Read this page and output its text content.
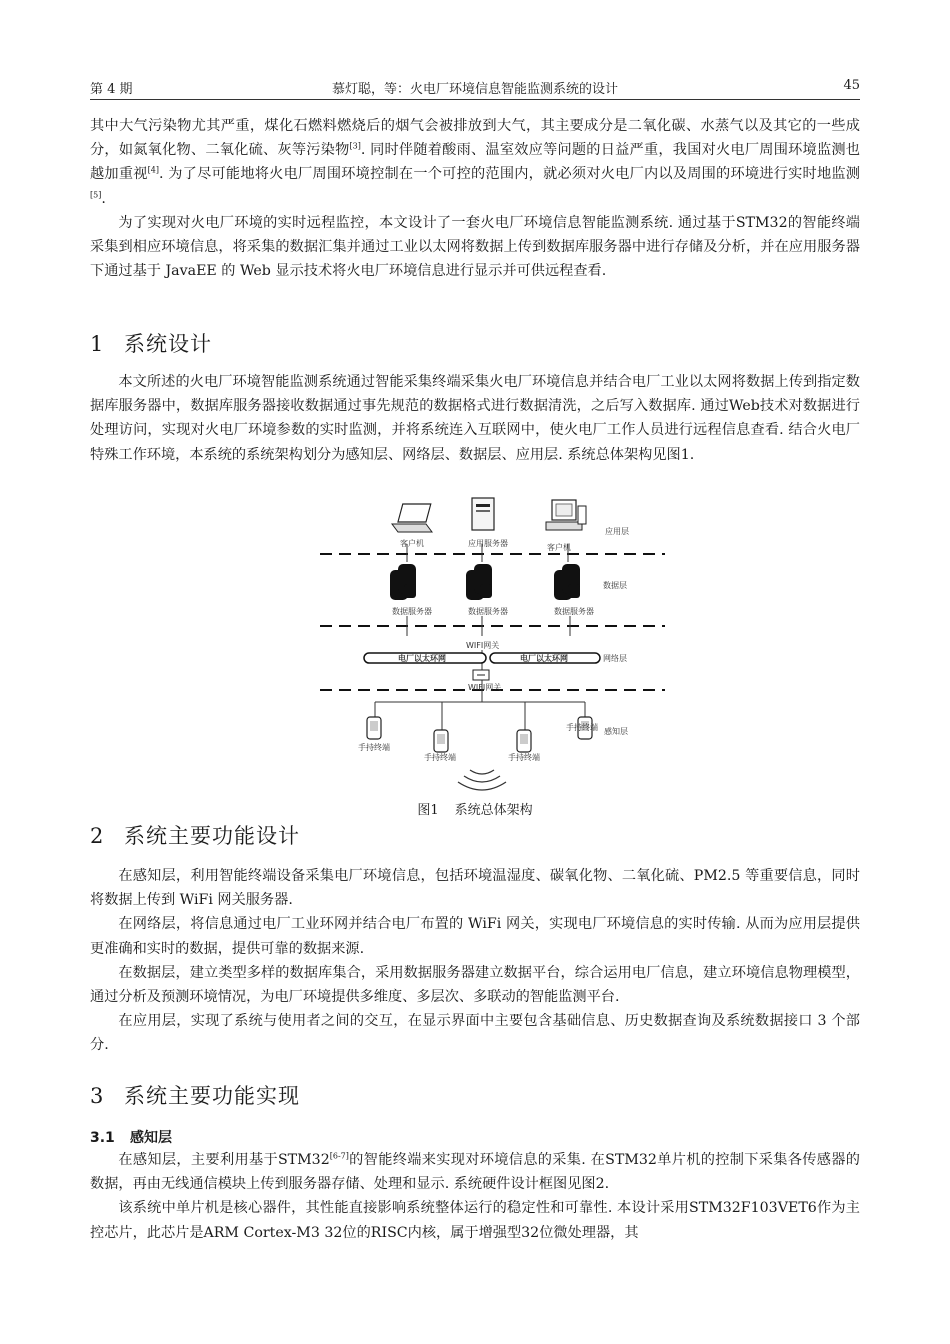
第 4 期	慕灯聪，等：火电厂环境信息智能监测系统的设计	45

其中大气污染物尤其严重，煤化石燃料燃烧后的烟气会被排放到大气，其主要成分是二氧化碳、水蒸气以及其它的一些成分，如氮氧化物、二氧化硫、灰等污染物[3]. 同时伴随着酸雨、温室效应等问题的日益严重，我国对火电厂周围环境监测也越加重视[4]. 为了尽可能地将火电厂周围环境控制在一个可控的范围内，就必须对火电厂内以及周围的环境进行实时地监测[5].

为了实现对火电厂环境的实时远程监控，本文设计了一套火电厂环境信息智能监测系统. 通过基于STM32的智能终端采集到相应环境信息，将采集的数据汇集并通过工业以太网将数据上传到数据库服务器中进行存储及分析，并在应用服务器下通过基于 JavaEE 的 Web 显示技术将火电厂环境信息进行显示并可供远程查看.

1 系统设计

本文所述的火电厂环境智能监测系统通过智能采集终端采集火电厂环境信息并结合电厂工业以太网将数据上传到指定数据库服务器中，数据库服务器接收数据通过事先规范的数据格式进行数据清洗，之后写入数据库. 通过Web技术对数据进行处理访问，实现对火电厂环境参数的实时监测，并将系统连入互联网中，使火电厂工作人员进行远程信息查看. 结合火电厂特殊工作环境，本系统的系统架构划分为感知层、网络层、数据层、应用层. 系统总体架构见图1.

客户机	应用服务器	客户机
应用层
数据服务器	数据服务器	数据服务器
数据层
WIFI网关
电厂以太环网	电厂以太环网	网络层
WIFI网关
手持终端
手持终端	手持终端
手持终端 感知层
图1 系统总体架构
2 系统主要功能设计

在感知层，利用智能终端设备采集电厂环境信息，包括环境温湿度、碳氧化物、二氧化硫、PM2.5 等重要信息，同时将数据上传到 WiFi 网关服务器.

在网络层，将信息通过电厂工业环网并结合电厂布置的 WiFi 网关，实现电厂环境信息的实时传输. 从而为应用层提供更准确和实时的数据，提供可靠的数据来源.

在数据层，建立类型多样的数据库集合，采用数据服务器建立数据平台，综合运用电厂信息，建立环境信息物理模型，通过分析及预测环境情况，为电厂环境提供多维度、多层次、多联动的智能监测平台.

在应用层，实现了系统与使用者之间的交互，在显示界面中主要包含基础信息、历史数据查询及系统数据接口 3 个部分.

3 系统主要功能实现
3.1 感知层

在感知层，主要利用基于STM32[6-7]的智能终端来实现对环境信息的采集. 在STM32单片机的控制下采集各传感器的数据，再由无线通信模块上传到服务器存储、处理和显示. 系统硬件设计框图见图2.

该系统中单片机是核心器件，其性能直接影响系统整体运行的稳定性和可靠性. 本设计采用STM32F103VET6作为主控芯片，此芯片是ARM Cortex-M3 32位的RISC内核，属于增强型32位微处理器，其
